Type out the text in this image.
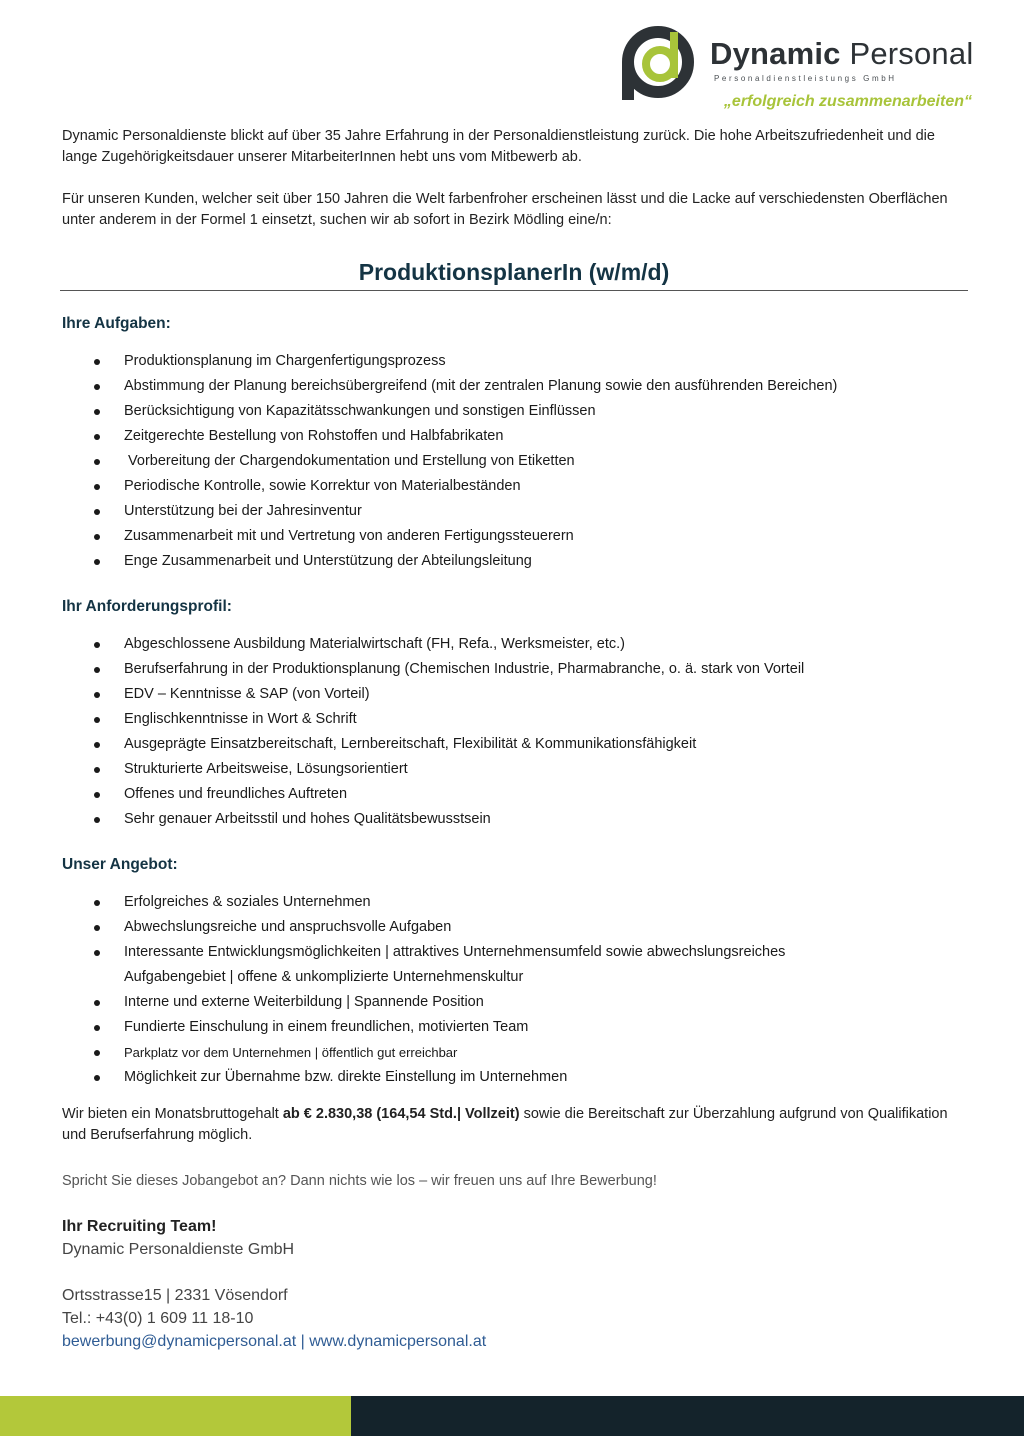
Dynamic Personal
Personaldienstleistungs GmbH
„erfolgreich zusammenarbeiten“

Dynamic Personaldienste blickt auf über 35 Jahre Erfahrung in der Personaldienstleistung zurück. Die hohe Arbeitszufriedenheit und die lange Zugehörigkeitsdauer unserer MitarbeiterInnen hebt uns vom Mitbewerb ab.

Für unseren Kunden, welcher seit über 150 Jahren die Welt farbenfroher erscheinen lässt und die Lacke auf verschiedensten Oberflächen unter anderem in der Formel 1 einsetzt, suchen wir ab sofort in Bezirk Mödling eine/n:

ProduktionsplanerIn (w/m/d)
Ihre Aufgaben:
Produktionsplanung im Chargenfertigungsprozess
Abstimmung der Planung bereichsübergreifend (mit der zentralen Planung sowie den ausführenden Bereichen)
Berücksichtigung von Kapazitätsschwankungen und sonstigen Einflüssen
Zeitgerechte Bestellung von Rohstoffen und Halbfabrikaten
Vorbereitung der Chargendokumentation und Erstellung von Etiketten
Periodische Kontrolle, sowie Korrektur von Materialbeständen
Unterstützung bei der Jahresinventur
Zusammenarbeit mit und Vertretung von anderen Fertigungssteuerern
Enge Zusammenarbeit und Unterstützung der Abteilungsleitung
Ihr Anforderungsprofil:
Abgeschlossene Ausbildung Materialwirtschaft (FH, Refa., Werksmeister, etc.)
Berufserfahrung in der Produktionsplanung (Chemischen Industrie, Pharmabranche, o. ä. stark von Vorteil
EDV – Kenntnisse & SAP (von Vorteil)
Englischkenntnisse in Wort & Schrift
Ausgeprägte Einsatzbereitschaft, Lernbereitschaft, Flexibilität & Kommunikationsfähigkeit
Strukturierte Arbeitsweise, Lösungsorientiert
Offenes und freundliches Auftreten
Sehr genauer Arbeitsstil und hohes Qualitätsbewusstsein
Unser Angebot:
Erfolgreiches & soziales Unternehmen
Abwechslungsreiche und anspruchsvolle Aufgaben
Interessante Entwicklungsmöglichkeiten | attraktives Unternehmensumfeld sowie abwechslungsreiches Aufgabengebiet | offene & unkomplizierte Unternehmenskultur
Interne und externe Weiterbildung | Spannende Position
Fundierte Einschulung in einem freundlichen, motivierten Team
Parkplatz vor dem Unternehmen | öffentlich gut erreichbar
Möglichkeit zur Übernahme bzw. direkte Einstellung im Unternehmen

Wir bieten ein Monatsbruttogehalt ab € 2.830,38 (164,54 Std.| Vollzeit) sowie die Bereitschaft zur Überzahlung aufgrund von Qualifikation und Berufserfahrung möglich.

Spricht Sie dieses Jobangebot an? Dann nichts wie los – wir freuen uns auf Ihre Bewerbung!

Ihr Recruiting Team!

Dynamic Personaldienste GmbH

Ortsstrasse15 | 2331 Vösendorf

Tel.: +43(0) 1 609 11 18-10

bewerbung@dynamicpersonal.at | www.dynamicpersonal.at
